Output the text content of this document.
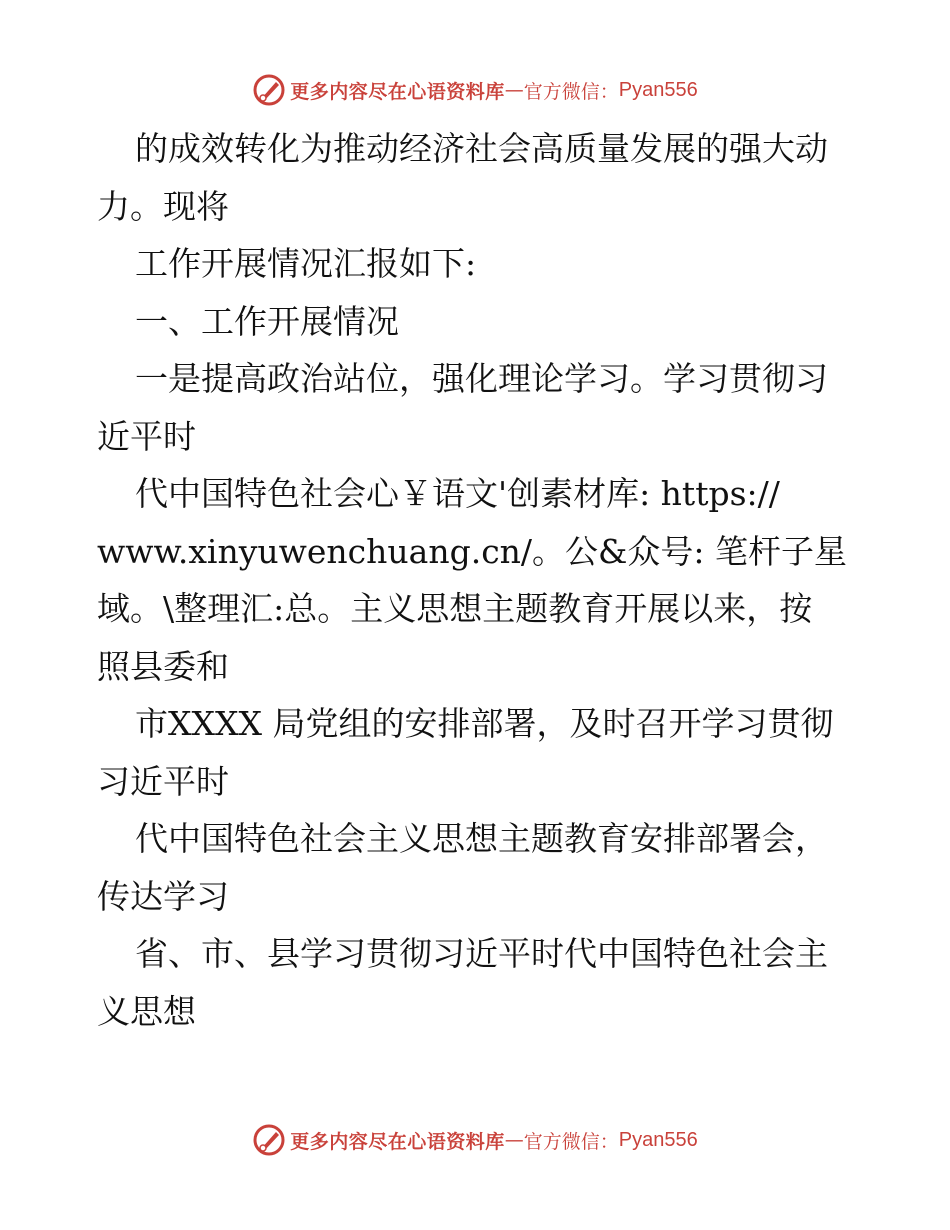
更多内容尽在心语资料库 — 官方微信： Pyan556
的成效转化为推动经济社会高质量发展的强大动
力。现将
工作开展情况汇报如下:
一、工作开展情况
一是提高政治站位，强化理论学习。学习贯彻习
近平时
代中国特色社会心￥语文'创素材库: https://
www.xinyuwenchuang.cn/。公&众号: 笔杆子星
域。\整理汇:总。主义思想主题教育开展以来，按
照县委和
市XXXX 局党组的安排部署，及时召开学习贯彻
习近平时
代中国特色社会主义思想主题教育安排部署会，
传达学习
省、市、县学习贯彻习近平时代中国特色社会主
义思想
更多内容尽在心语资料库 — 官方微信： Pyan556
